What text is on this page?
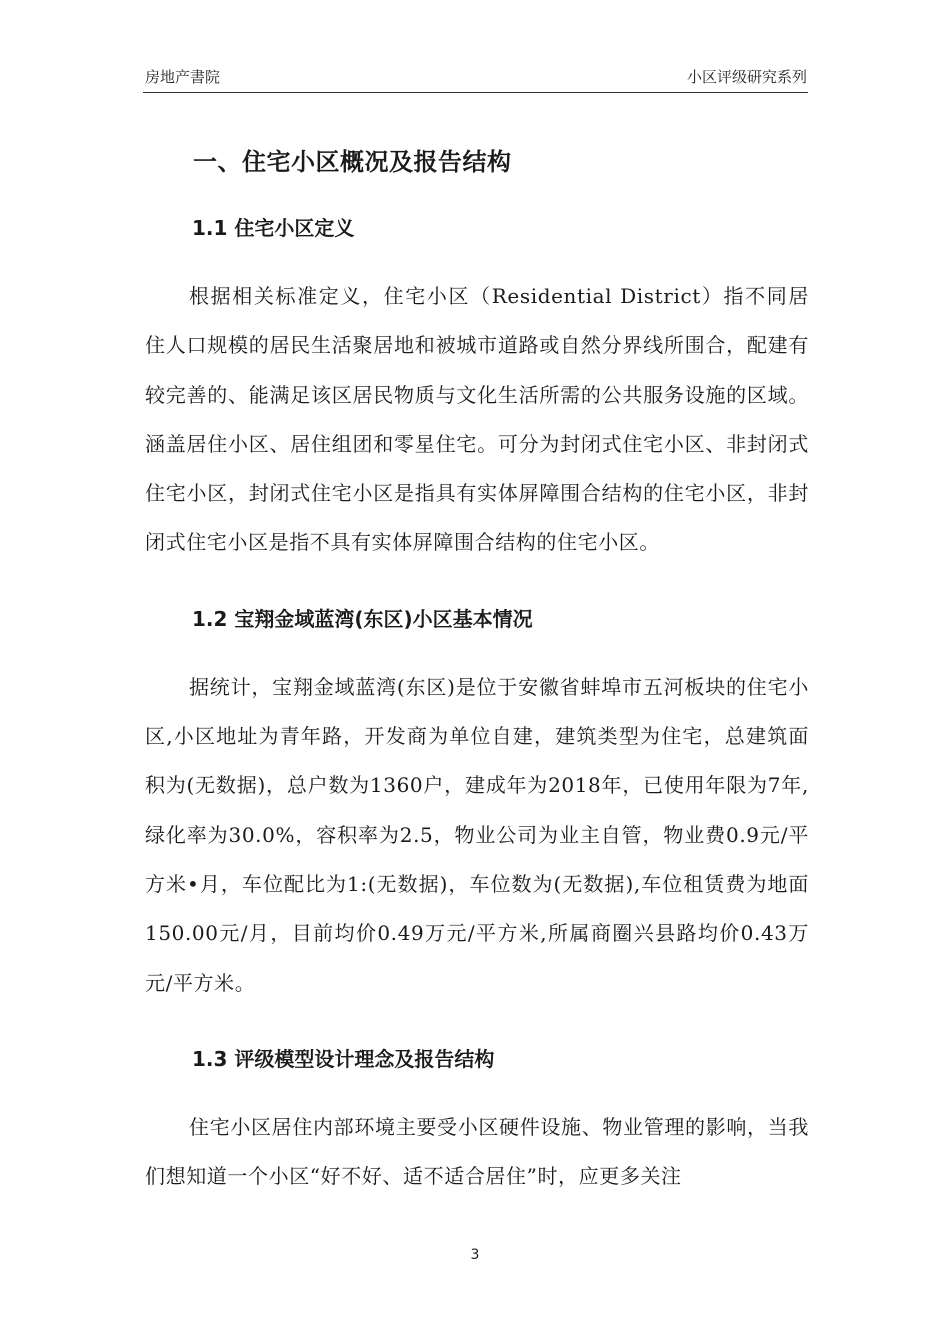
房地产書院	小区评级研究系列
一、住宅小区概况及报告结构
1.1 住宅小区定义

根据相关标准定义，住宅小区（Residential District）指不同居住人口规模的居民生活聚居地和被城市道路或自然分界线所围合，配建有较完善的、能满足该区居民物质与文化生活所需的公共服务设施的区域。涵盖居住小区、居住组团和零星住宅。可分为封闭式住宅小区、非封闭式住宅小区，封闭式住宅小区是指具有实体屏障围合结构的住宅小区，非封闭式住宅小区是指不具有实体屏障围合结构的住宅小区。

1.2 宝翔金域蓝湾(东区)小区基本情况

据统计，宝翔金域蓝湾(东区)是位于安徽省蚌埠市五河板块的住宅小区,小区地址为青年路，开发商为单位自建，建筑类型为住宅，总建筑面积为(无数据)，总户数为1360户，建成年为2018年，已使用年限为7年,绿化率为30.0%，容积率为2.5，物业公司为业主自管，物业费0.9元/平方米•月，车位配比为1:(无数据)，车位数为(无数据),车位租赁费为地面150.00元/月，目前均价0.49万元/平方米,所属商圈兴县路均价0.43万元/平方米。

1.3 评级模型设计理念及报告结构

住宅小区居住内部环境主要受小区硬件设施、物业管理的影响，当我们想知道一个小区“好不好、适不适合居住”时，应更多关注

3
